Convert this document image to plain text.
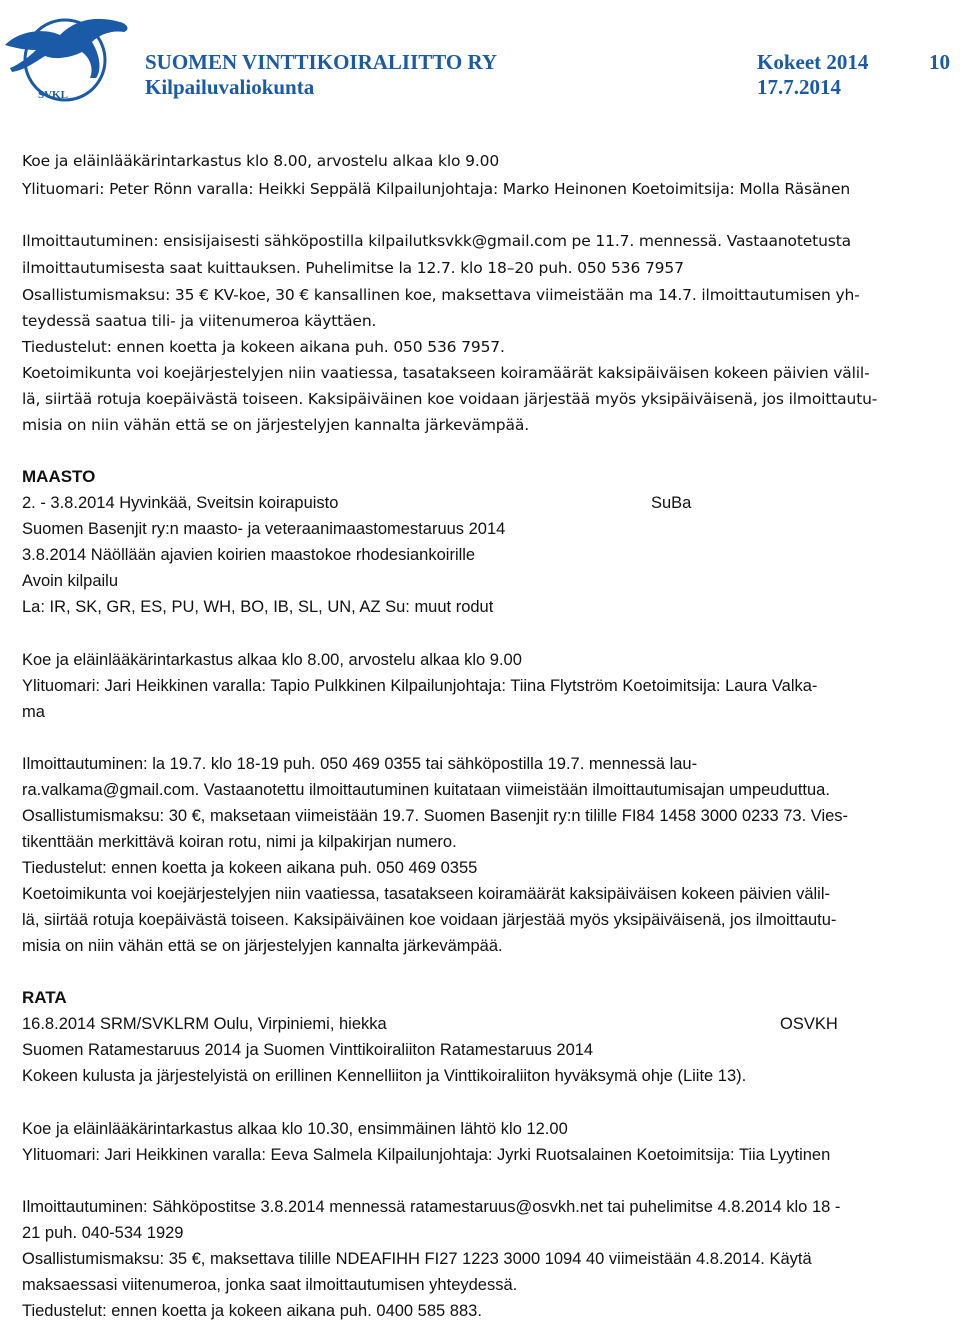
SVKL
SUOMEN VINTTIKOIRALIITTO RY
Kilpailuvaliokunta
Kokeet 2014
17.7.2014
10
Koe ja eläinlääkärintarkastus klo 8.00, arvostelu alkaa klo 9.00
Ylituomari: Peter Rönn varalla: Heikki Seppälä Kilpailunjohtaja: Marko Heinonen Koetoimitsija: Molla Räsänen
Ilmoittautuminen: ensisijaisesti sähköpostilla kilpailutksvkk@gmail.com pe 11.7. mennessä. Vastaanotetusta
ilmoittautumisesta saat kuittauksen. Puhelimitse la 12.7. klo 18–20 puh. 050 536 7957
Osallistumismaksu: 35 € KV-koe, 30 € kansallinen koe, maksettava viimeistään ma 14.7. ilmoittautumisen yh-
teydessä saatua tili- ja viitenumeroa käyttäen.
Tiedustelut: ennen koetta ja kokeen aikana puh. 050 536 7957.
Koetoimikunta voi koejärjestelyjen niin vaatiessa, tasatakseen koiramäärät kaksipäiväisen kokeen päivien välil-
lä, siirtää rotuja koepäivästä toiseen. Kaksipäiväinen koe voidaan järjestää myös yksipäiväisenä, jos ilmoittautu-
misia on niin vähän että se on järjestelyjen kannalta järkevämpää.
MAASTO
2. - 3.8.2014 Hyvinkää, Sveitsin koirapuisto	SuBa
Suomen Basenjit ry:n maasto- ja veteraanimaastomestaruus 2014
3.8.2014 Näöllään ajavien koirien maastokoe rhodesiankoirille
Avoin kilpailu
La: IR, SK, GR, ES, PU, WH, BO, IB, SL, UN, AZ Su: muut rodut
Koe ja eläinlääkärintarkastus alkaa klo 8.00, arvostelu alkaa klo 9.00
Ylituomari: Jari Heikkinen varalla: Tapio Pulkkinen Kilpailunjohtaja: Tiina Flytström Koetoimitsija: Laura Valka-
ma
Ilmoittautuminen: la 19.7. klo 18-19 puh. 050 469 0355 tai sähköpostilla 19.7. mennessä lau-
ra.valkama@gmail.com. Vastaanotettu ilmoittautuminen kuitataan viimeistään ilmoittautumisajan umpeuduttua.
Osallistumismaksu: 30 €, maksetaan viimeistään 19.7. Suomen Basenjit ry:n tilille FI84 1458 3000 0233 73. Vies-
tikenttään merkittävä koiran rotu, nimi ja kilpakirjan numero.
Tiedustelut: ennen koetta ja kokeen aikana puh. 050 469 0355
Koetoimikunta voi koejärjestelyjen niin vaatiessa, tasatakseen koiramäärät kaksipäiväisen kokeen päivien välil-
lä, siirtää rotuja koepäivästä toiseen. Kaksipäiväinen koe voidaan järjestää myös yksipäiväisenä, jos ilmoittautu-
misia on niin vähän että se on järjestelyjen kannalta järkevämpää.
RATA
16.8.2014 SRM/SVKLRM Oulu, Virpiniemi, hiekka	OSVKH
Suomen Ratamestaruus 2014 ja Suomen Vinttikoiraliiton Ratamestaruus 2014
Kokeen kulusta ja järjestelyistä on erillinen Kennelliiton ja Vinttikoiraliiton hyväksymä ohje (Liite 13).
Koe ja eläinlääkärintarkastus alkaa klo 10.30, ensimmäinen lähtö klo 12.00
Ylituomari: Jari Heikkinen varalla: Eeva Salmela Kilpailunjohtaja: Jyrki Ruotsalainen Koetoimitsija: Tiia Lyytinen
Ilmoittautuminen: Sähköpostitse 3.8.2014 mennessä ratamestaruus@osvkh.net tai puhelimitse 4.8.2014 klo 18 -
21 puh. 040-534 1929
Osallistumismaksu: 35 €, maksettava tilille NDEAFIHH FI27 1223 3000 1094 40 viimeistään 4.8.2014. Käytä
maksaessasi viitenumeroa, jonka saat ilmoittautumisen yhteydessä.
Tiedustelut: ennen koetta ja kokeen aikana puh. 0400 585 883.
